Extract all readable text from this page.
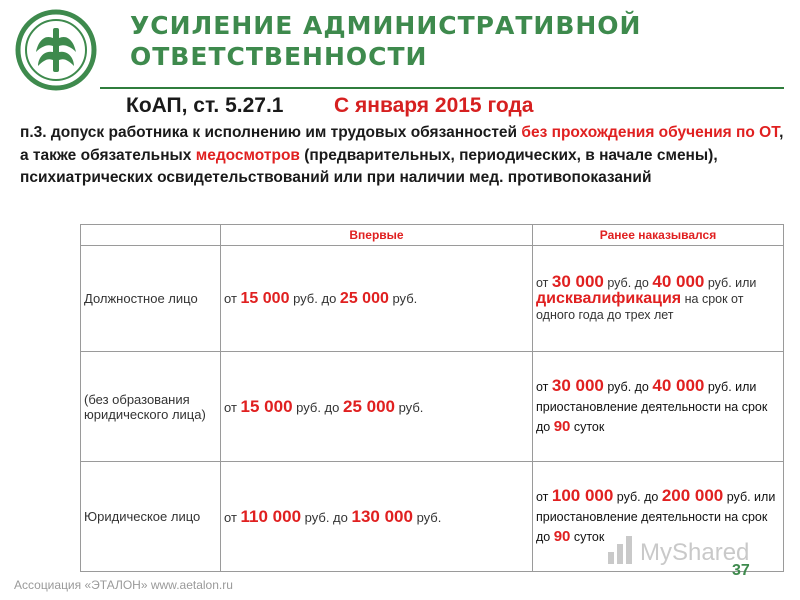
УСИЛЕНИЕ АДМИНИСТРАТИВНОЙ
ОТВЕТСТВЕННОСТИ
КоАП, ст. 5.27.1 С января 2015 года
п.3. допуск работника к исполнению им трудовых обязанностей без прохождения обучения по ОТ, а также обязательных медосмотров (предварительных, периодических, в начале смены), психиатрических освидетельствований или при наличии мед. противопоказаний
	Впервые	Ранее наказывался
Должностное лицо	от 15 000 руб. до 25 000 руб.	от 30 000 руб. до 40 000 руб. или дисквалификация на срок от одного года до трех лет
(без образования юридического лица)	от 15 000 руб. до 25 000 руб.	от 30 000 руб. до 40 000 руб. или приостановление деятельности на срок до 90 суток
Юридическое лицо	от 110 000 руб. до 130 000 руб.	от 100 000 руб. до 200 000 руб. или приостановление деятельности на срок до 90 суток
MyShared
37
Ассоциация «ЭТАЛОН» www.aetalon.ru
